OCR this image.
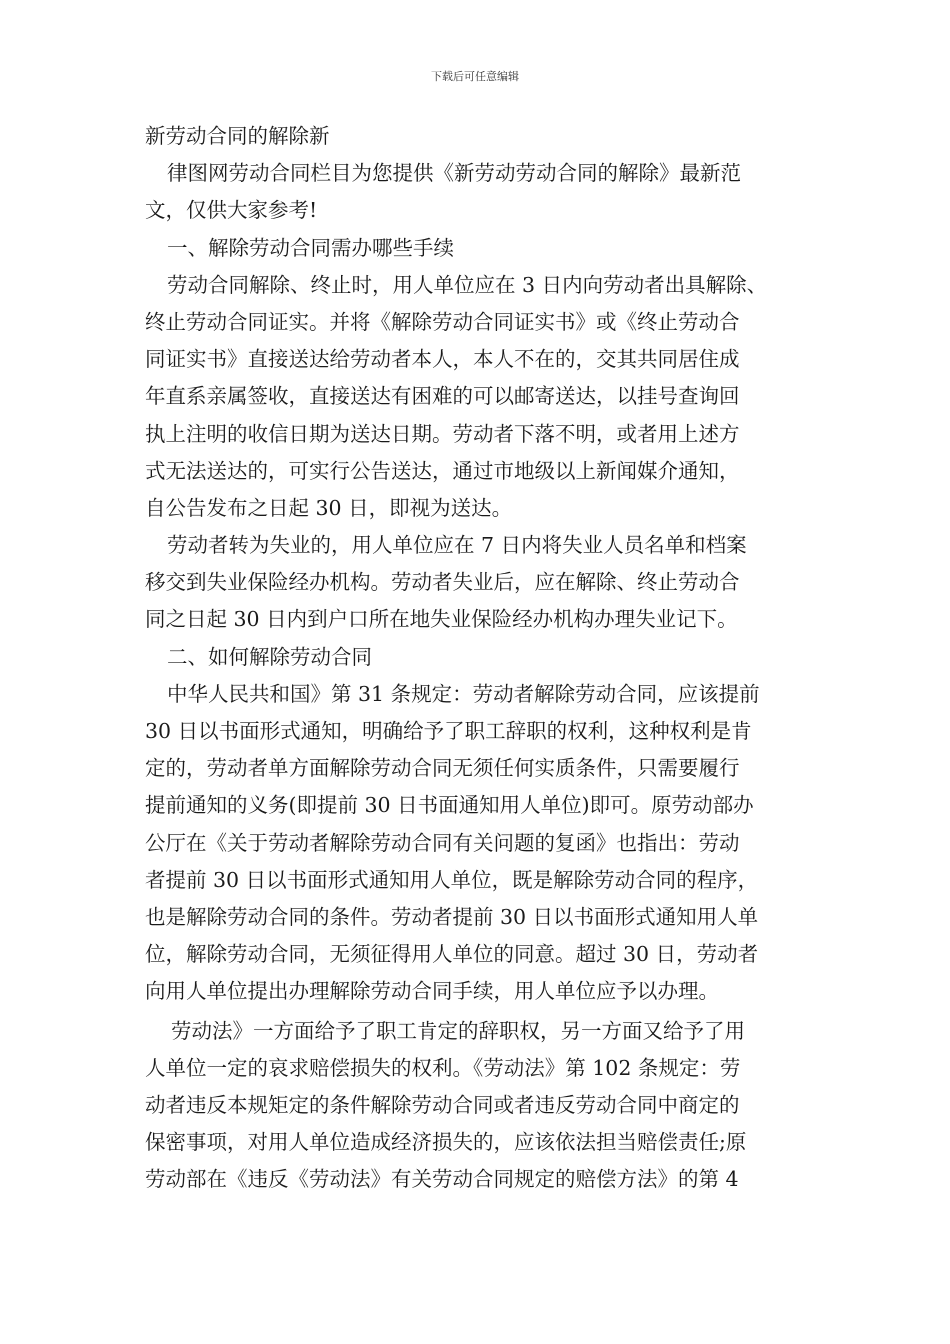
下载后可任意编辑
新劳动合同的解除新
律图网劳动合同栏目为您提供《新劳动劳动合同的解除》最新范
文，仅供大家参考!
一、解除劳动合同需办哪些手续
劳动合同解除、终止时，用人单位应在 3 日内向劳动者出具解除、
终止劳动合同证实。并将《解除劳动合同证实书》或《终止劳动合
同证实书》直接送达给劳动者本人，本人不在的，交其共同居住成
年直系亲属签收，直接送达有困难的可以邮寄送达，以挂号查询回
执上注明的收信日期为送达日期。劳动者下落不明，或者用上述方
式无法送达的，可实行公告送达，通过市地级以上新闻媒介通知，
自公告发布之日起 30 日，即视为送达。
劳动者转为失业的，用人单位应在 7 日内将失业人员名单和档案
移交到失业保险经办机构。劳动者失业后，应在解除、终止劳动合
同之日起 30 日内到户口所在地失业保险经办机构办理失业记下。
二、如何解除劳动合同
中华人民共和国》第 31 条规定：劳动者解除劳动合同，应该提前
30 日以书面形式通知，明确给予了职工辞职的权利，这种权利是肯
定的，劳动者单方面解除劳动合同无须任何实质条件，只需要履行
提前通知的义务(即提前 30 日书面通知用人单位)即可。原劳动部办
公厅在《关于劳动者解除劳动合同有关问题的复函》也指出：劳动
者提前 30 日以书面形式通知用人单位，既是解除劳动合同的程序，
也是解除劳动合同的条件。劳动者提前 30 日以书面形式通知用人单
位，解除劳动合同，无须征得用人单位的同意。超过 30 日，劳动者
向用人单位提出办理解除劳动合同手续，用人单位应予以办理。
劳动法》一方面给予了职工肯定的辞职权，另一方面又给予了用
人单位一定的哀求赔偿损失的权利。《劳动法》第 102 条规定：劳
动者违反本规矩定的条件解除劳动合同或者违反劳动合同中商定的
保密事项，对用人单位造成经济损失的，应该依法担当赔偿责任;原
劳动部在《违反《劳动法》有关劳动合同规定的赔偿方法》的第 4
